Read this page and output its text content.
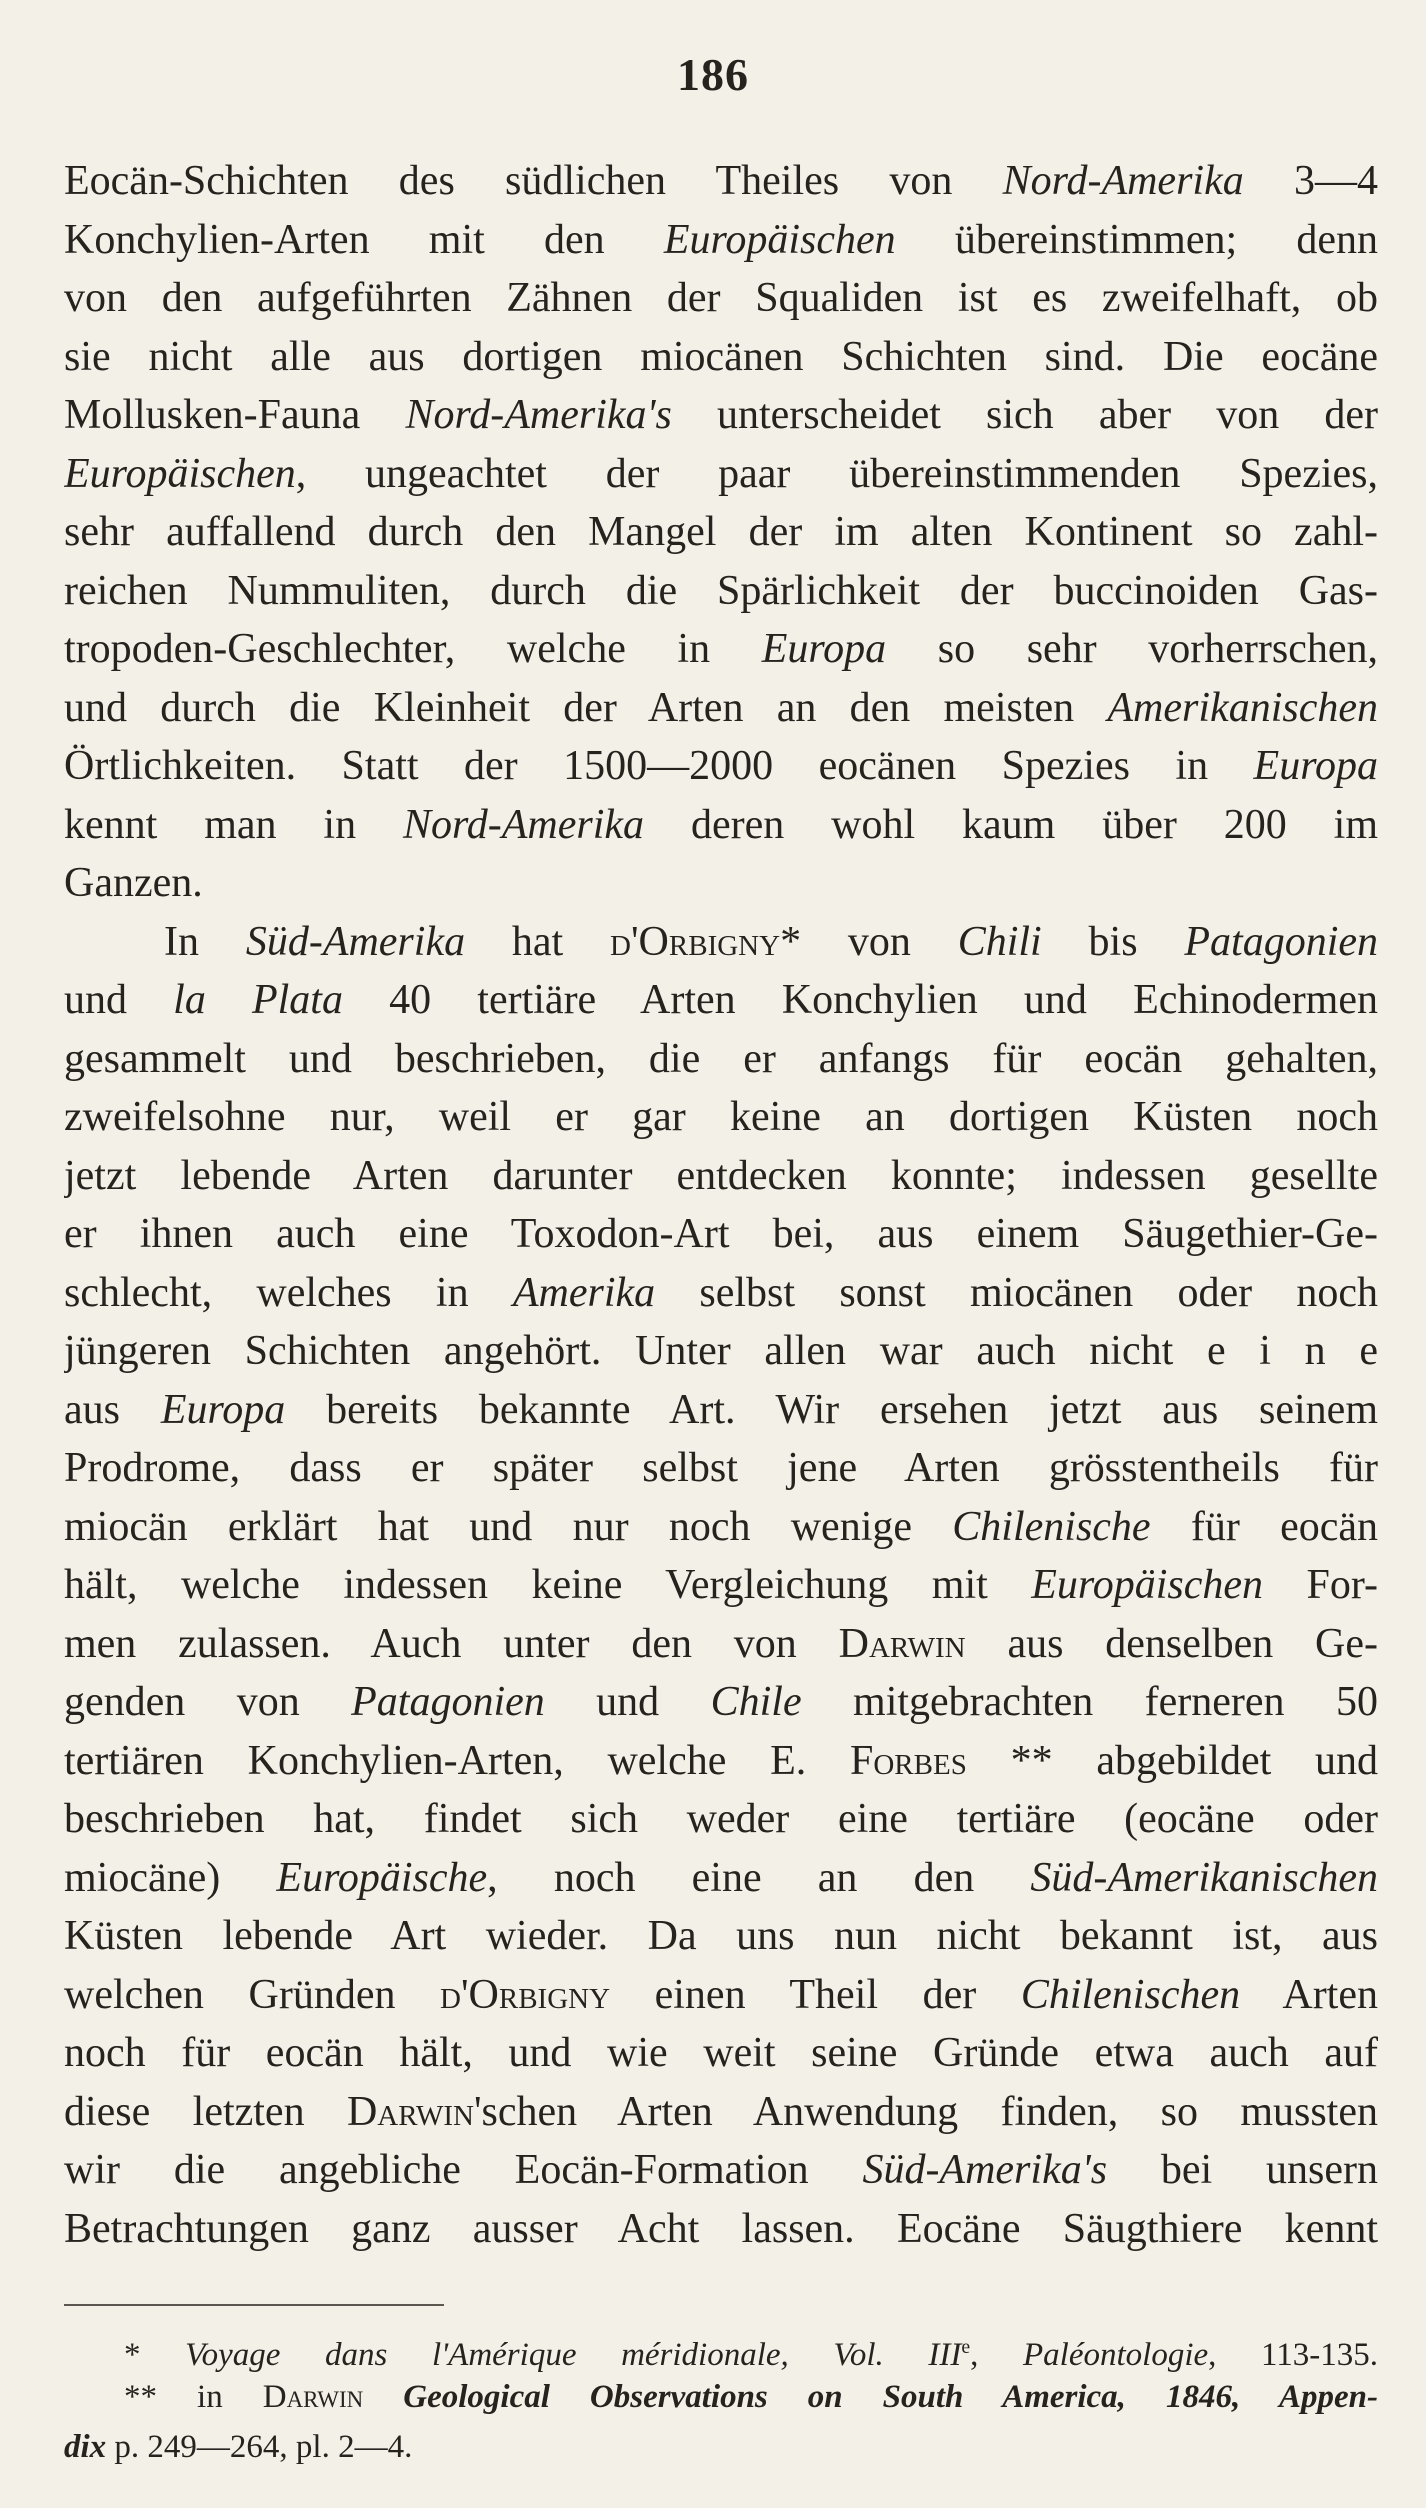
186
Eocän-Schichten des südlichen Theiles von Nord-Amerika 3—4
Konchylien-Arten mit den Europäischen übereinstimmen; denn
von den aufgeführten Zähnen der Squaliden ist es zweifelhaft, ob
sie nicht alle aus dortigen miocänen Schichten sind. Die eocäne
Mollusken-Fauna Nord-Amerika's unterscheidet sich aber von der
Europäischen, ungeachtet der paar übereinstimmenden Spezies,
sehr auffallend durch den Mangel der im alten Kontinent so zahl-
reichen Nummuliten, durch die Spärlichkeit der buccinoiden Gas-
tropoden-Geschlechter, welche in Europa so sehr vorherrschen,
und durch die Kleinheit der Arten an den meisten Amerikanischen
Örtlichkeiten. Statt der 1500—2000 eocänen Spezies in Europa
kennt man in Nord-Amerika deren wohl kaum über 200 im
Ganzen.
In Süd-Amerika hat d'Orbigny* von Chili bis Patagonien
und la Plata 40 tertiäre Arten Konchylien und Echinodermen
gesammelt und beschrieben, die er anfangs für eocän gehalten,
zweifelsohne nur, weil er gar keine an dortigen Küsten noch
jetzt lebende Arten darunter entdecken konnte; indessen gesellte
er ihnen auch eine Toxodon-Art bei, aus einem Säugethier-Ge-
schlecht, welches in Amerika selbst sonst miocänen oder noch
jüngeren Schichten angehört. Unter allen war auch nicht e i n e
aus Europa bereits bekannte Art. Wir ersehen jetzt aus seinem
Prodrome, dass er später selbst jene Arten grösstentheils für
miocän erklärt hat und nur noch wenige Chilenische für eocän
hält, welche indessen keine Vergleichung mit Europäischen For-
men zulassen. Auch unter den von Darwin aus denselben Ge-
genden von Patagonien und Chile mitgebrachten ferneren 50
tertiären Konchylien-Arten, welche E. Forbes ** abgebildet und
beschrieben hat, findet sich weder eine tertiäre (eocäne oder
miocäne) Europäische, noch eine an den Süd-Amerikanischen
Küsten lebende Art wieder. Da uns nun nicht bekannt ist, aus
welchen Gründen d'Orbigny einen Theil der Chilenischen Arten
noch für eocän hält, und wie weit seine Gründe etwa auch auf
diese letzten Darwin'schen Arten Anwendung finden, so mussten
wir die angebliche Eocän-Formation Süd-Amerika's bei unsern
Betrachtungen ganz ausser Acht lassen. Eocäne Säugthiere kennt
* Voyage dans l'Amérique méridionale, Vol. IIIe, Paléontologie, 113-135.
** in Darwin Geological Observations on South America, 1846, Appen-
dix p. 249—264, pl. 2—4.
